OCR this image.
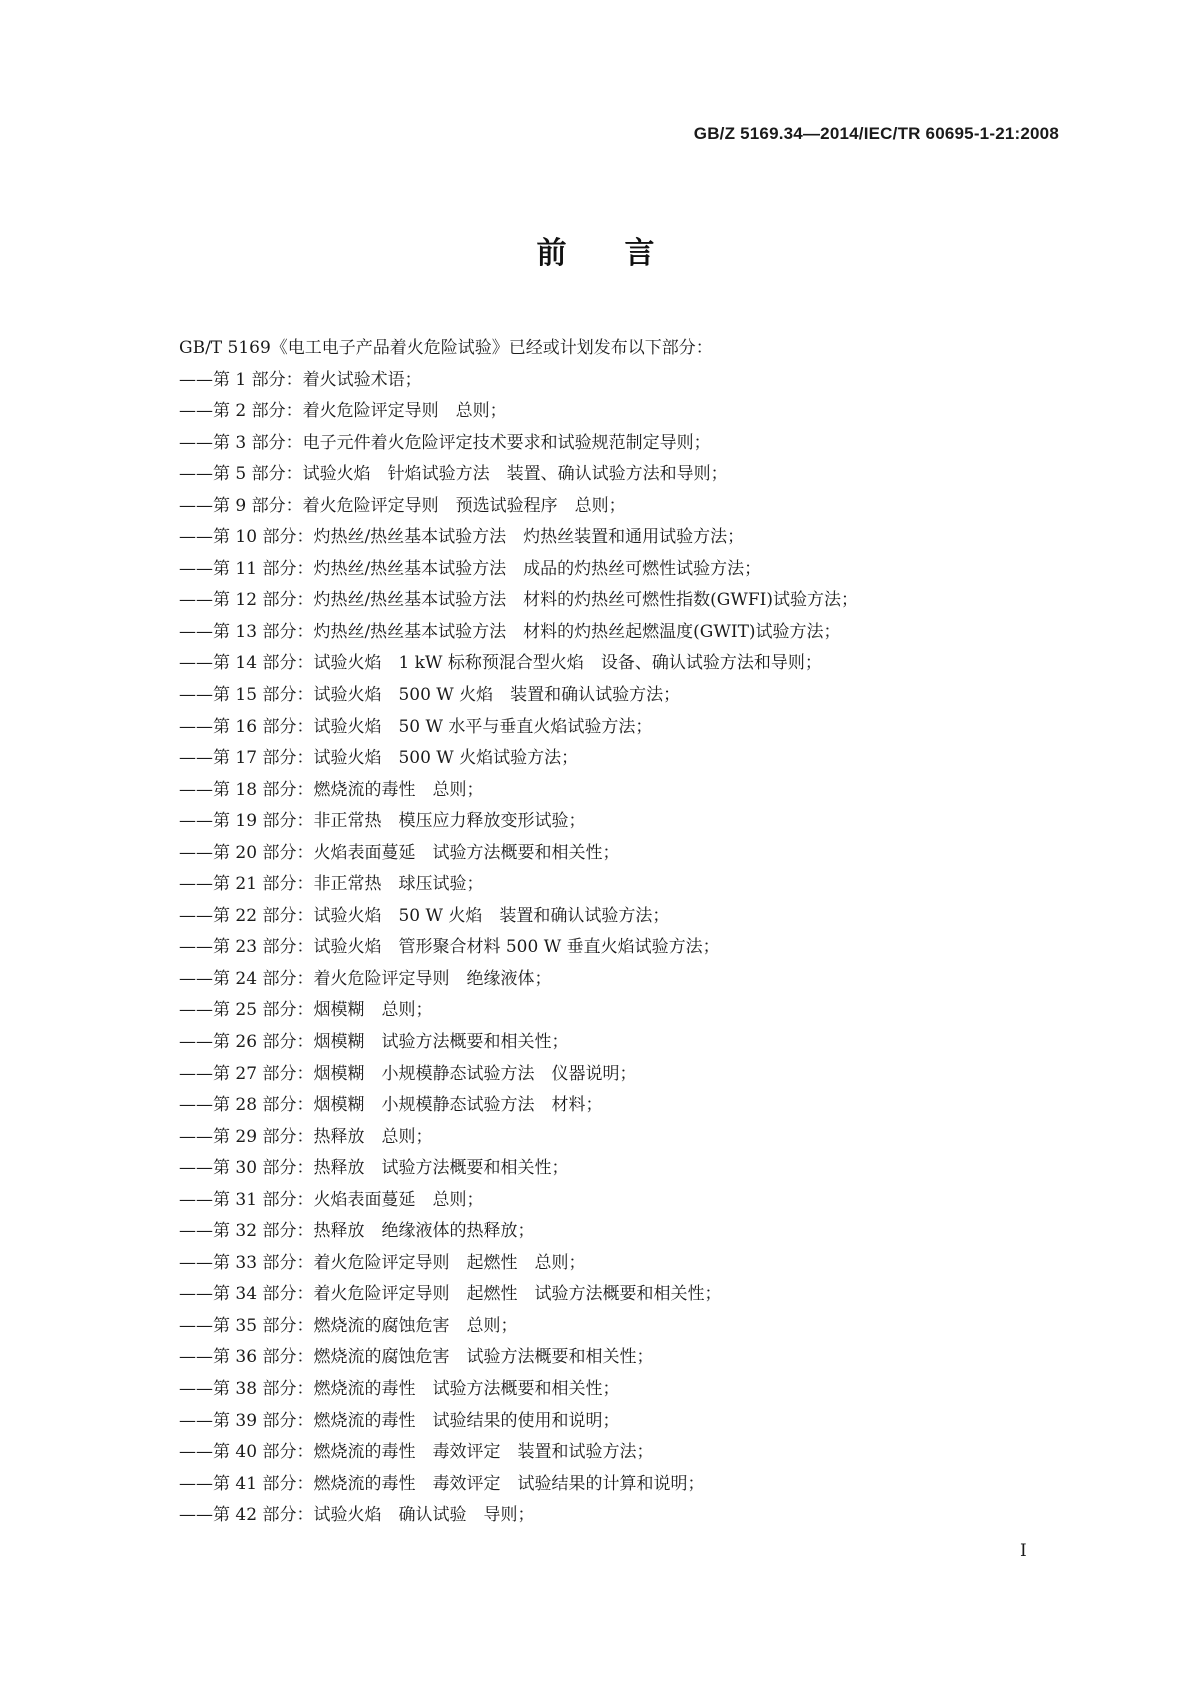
GB/Z 5169.34—2014/IEC/TR 60695-1-21:2008
前言
GB/T 5169《电工电子产品着火危险试验》已经或计划发布以下部分：
——第 1 部分：着火试验术语；
——第 2 部分：着火危险评定导则　总则；
——第 3 部分：电子元件着火危险评定技术要求和试验规范制定导则；
——第 5 部分：试验火焰　针焰试验方法　装置、确认试验方法和导则；
——第 9 部分：着火危险评定导则　预选试验程序　总则；
——第 10 部分：灼热丝/热丝基本试验方法　灼热丝装置和通用试验方法；
——第 11 部分：灼热丝/热丝基本试验方法　成品的灼热丝可燃性试验方法；
——第 12 部分：灼热丝/热丝基本试验方法　材料的灼热丝可燃性指数(GWFI)试验方法；
——第 13 部分：灼热丝/热丝基本试验方法　材料的灼热丝起燃温度(GWIT)试验方法；
——第 14 部分：试验火焰　1 kW 标称预混合型火焰　设备、确认试验方法和导则；
——第 15 部分：试验火焰　500 W 火焰　装置和确认试验方法；
——第 16 部分：试验火焰　50 W 水平与垂直火焰试验方法；
——第 17 部分：试验火焰　500 W 火焰试验方法；
——第 18 部分：燃烧流的毒性　总则；
——第 19 部分：非正常热　模压应力释放变形试验；
——第 20 部分：火焰表面蔓延　试验方法概要和相关性；
——第 21 部分：非正常热　球压试验；
——第 22 部分：试验火焰　50 W 火焰　装置和确认试验方法；
——第 23 部分：试验火焰　管形聚合材料 500 W 垂直火焰试验方法；
——第 24 部分：着火危险评定导则　绝缘液体；
——第 25 部分：烟模糊　总则；
——第 26 部分：烟模糊　试验方法概要和相关性；
——第 27 部分：烟模糊　小规模静态试验方法　仪器说明；
——第 28 部分：烟模糊　小规模静态试验方法　材料；
——第 29 部分：热释放　总则；
——第 30 部分：热释放　试验方法概要和相关性；
——第 31 部分：火焰表面蔓延　总则；
——第 32 部分：热释放　绝缘液体的热释放；
——第 33 部分：着火危险评定导则　起燃性　总则；
——第 34 部分：着火危险评定导则　起燃性　试验方法概要和相关性；
——第 35 部分：燃烧流的腐蚀危害　总则；
——第 36 部分：燃烧流的腐蚀危害　试验方法概要和相关性；
——第 38 部分：燃烧流的毒性　试验方法概要和相关性；
——第 39 部分：燃烧流的毒性　试验结果的使用和说明；
——第 40 部分：燃烧流的毒性　毒效评定　装置和试验方法；
——第 41 部分：燃烧流的毒性　毒效评定　试验结果的计算和说明；
——第 42 部分：试验火焰　确认试验　导则；
I
